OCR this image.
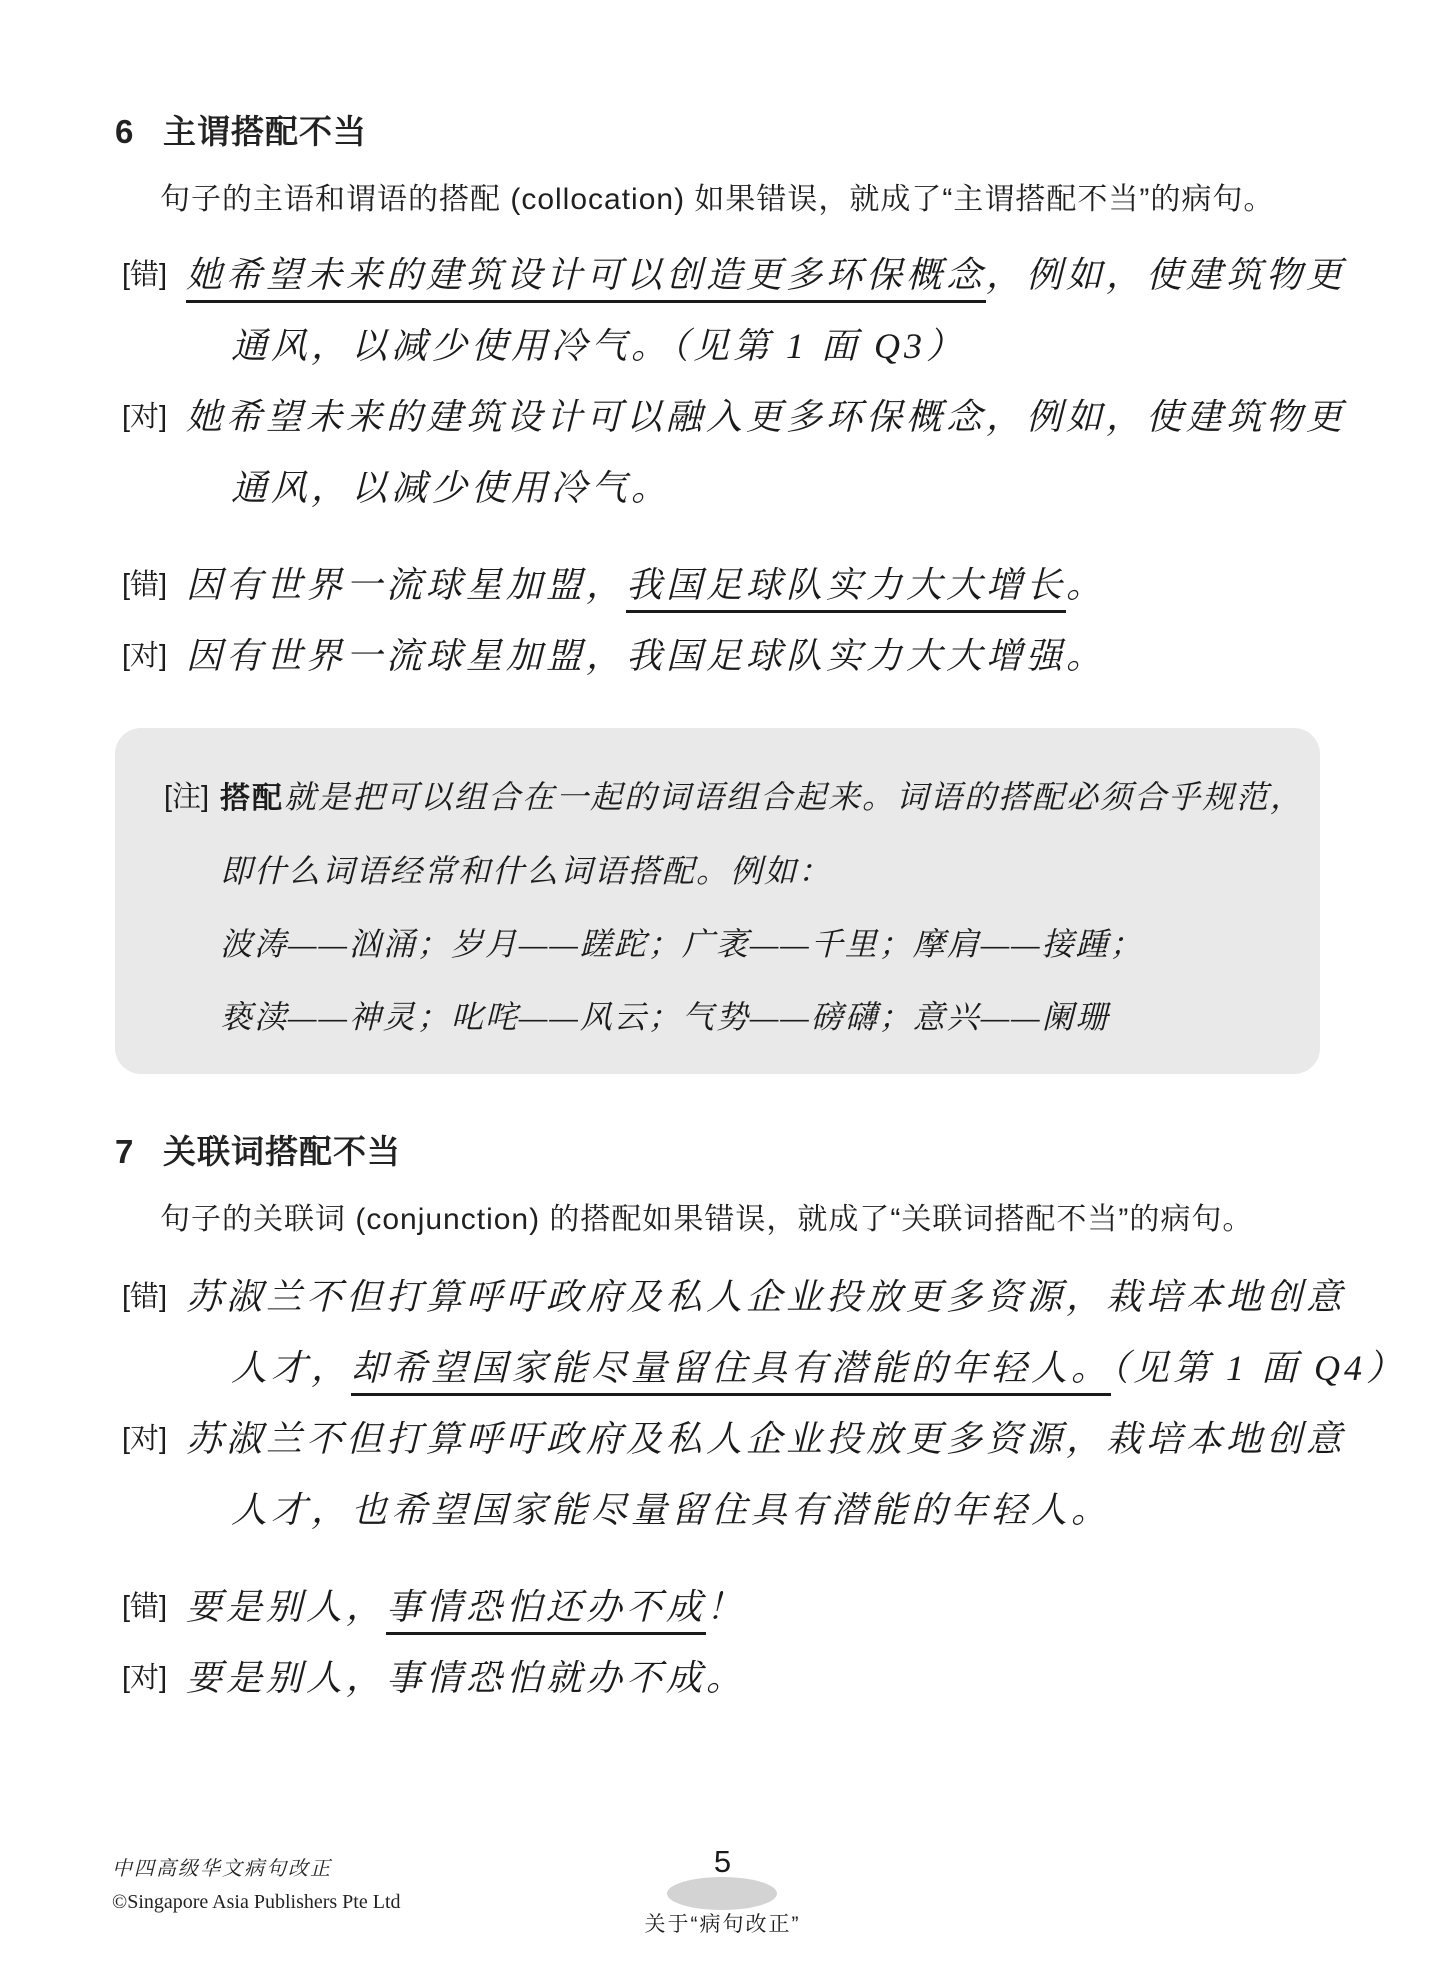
6 主谓搭配不当
句子的主语和谓语的搭配 (collocation) 如果错误，就成了“主谓搭配不当”的病句。
[错] 她希望未来的建筑设计可以创造更多环保概念，例如，使建筑物更
通风，以减少使用冷气。（见第 1 面 Q3）
[对] 她希望未来的建筑设计可以融入更多环保概念，例如，使建筑物更
通风，以减少使用冷气。
[错] 因有世界一流球星加盟，我国足球队实力大大增长。
[对] 因有世界一流球星加盟，我国足球队实力大大增强。
[注] 搭配就是把可以组合在一起的词语组合起来。词语的搭配必须合乎规范，
即什么词语经常和什么词语搭配。例如：
波涛——汹涌；岁月——蹉跎；广袤——千里；摩肩——接踵；
亵渎——神灵；叱咤——风云；气势——磅礴；意兴——阑珊
7 关联词搭配不当
句子的关联词 (conjunction) 的搭配如果错误，就成了“关联词搭配不当”的病句。
[错] 苏淑兰不但打算呼吁政府及私人企业投放更多资源，栽培本地创意
人才，却希望国家能尽量留住具有潜能的年轻人。（见第 1 面 Q4）
[对] 苏淑兰不但打算呼吁政府及私人企业投放更多资源，栽培本地创意
人才，也希望国家能尽量留住具有潜能的年轻人。
[错] 要是别人，事情恐怕还办不成！
[对] 要是别人，事情恐怕就办不成。
中四高级华文病句改正
©Singapore Asia Publishers Pte Ltd
5
关于“病句改正”
